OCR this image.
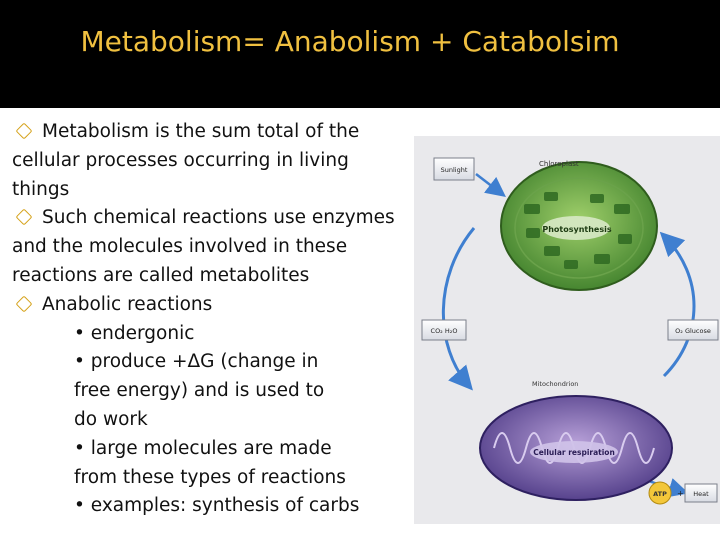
Metabolism= Anabolism + Catabolsim
Metabolism is the sum total of the
cellular processes occurring in living
things
Such chemical reactions use enzymes
and the molecules involved in these
reactions are called metabolites
Anabolic reactions
• endergonic
• produce +ΔG (change in
free energy) and is used to
do work
• large molecules are made
from these types of reactions
• examples: synthesis of carbs
Photosynthesis
Chloroplast
Sunlight
CO₂ H₂O	O₂ Glucose
Mitochondrion
Cellular respiration
ATP + Heat
